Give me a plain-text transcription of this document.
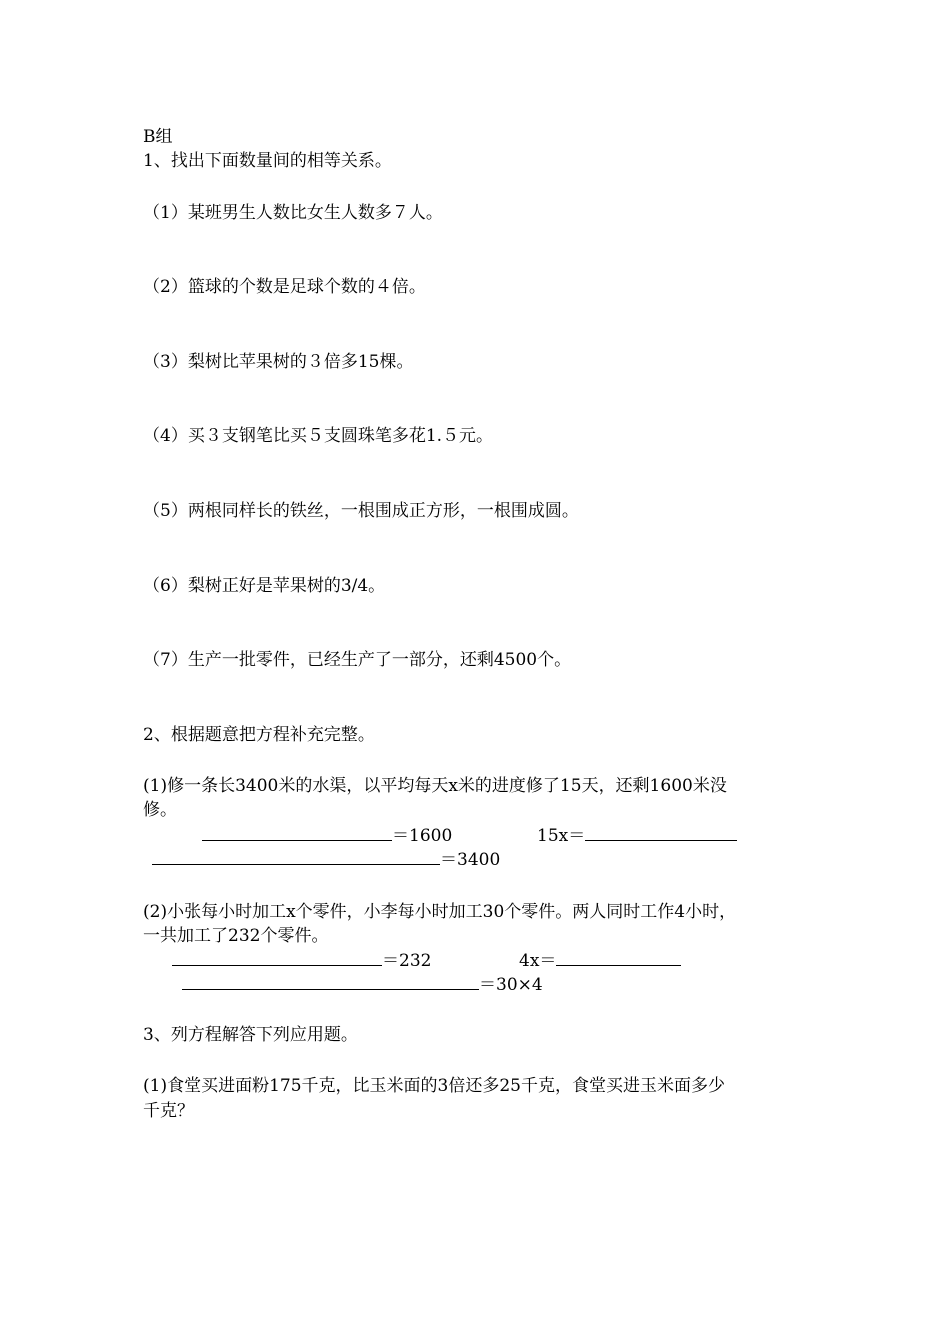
B组
1、找出下面数量间的相等关系。
（1）某班男生人数比女生人数多７人。
（2）篮球的个数是足球个数的４倍。
（3）梨树比苹果树的３倍多15棵。
（4）买３支钢笔比买５支圆珠笔多花1.５元。
（5）两根同样长的铁丝，一根围成正方形，一根围成圆。
（6）梨树正好是苹果树的3/4。
（7）生产一批零件，已经生产了一部分，还剩4500个。
2、根据题意把方程补充完整。
(1)修一条长3400米的水渠，以平均每天x米的进度修了15天，还剩1600米没
修。
＝1600	15x＝
＝3400
(2)小张每小时加工x个零件，小李每小时加工30个零件。两人同时工作4小时，
一共加工了232个零件。
＝232	4x＝
＝30×4
3、列方程解答下列应用题。
(1)食堂买进面粉175千克，比玉米面的3倍还多25千克，食堂买进玉米面多少
千克？
